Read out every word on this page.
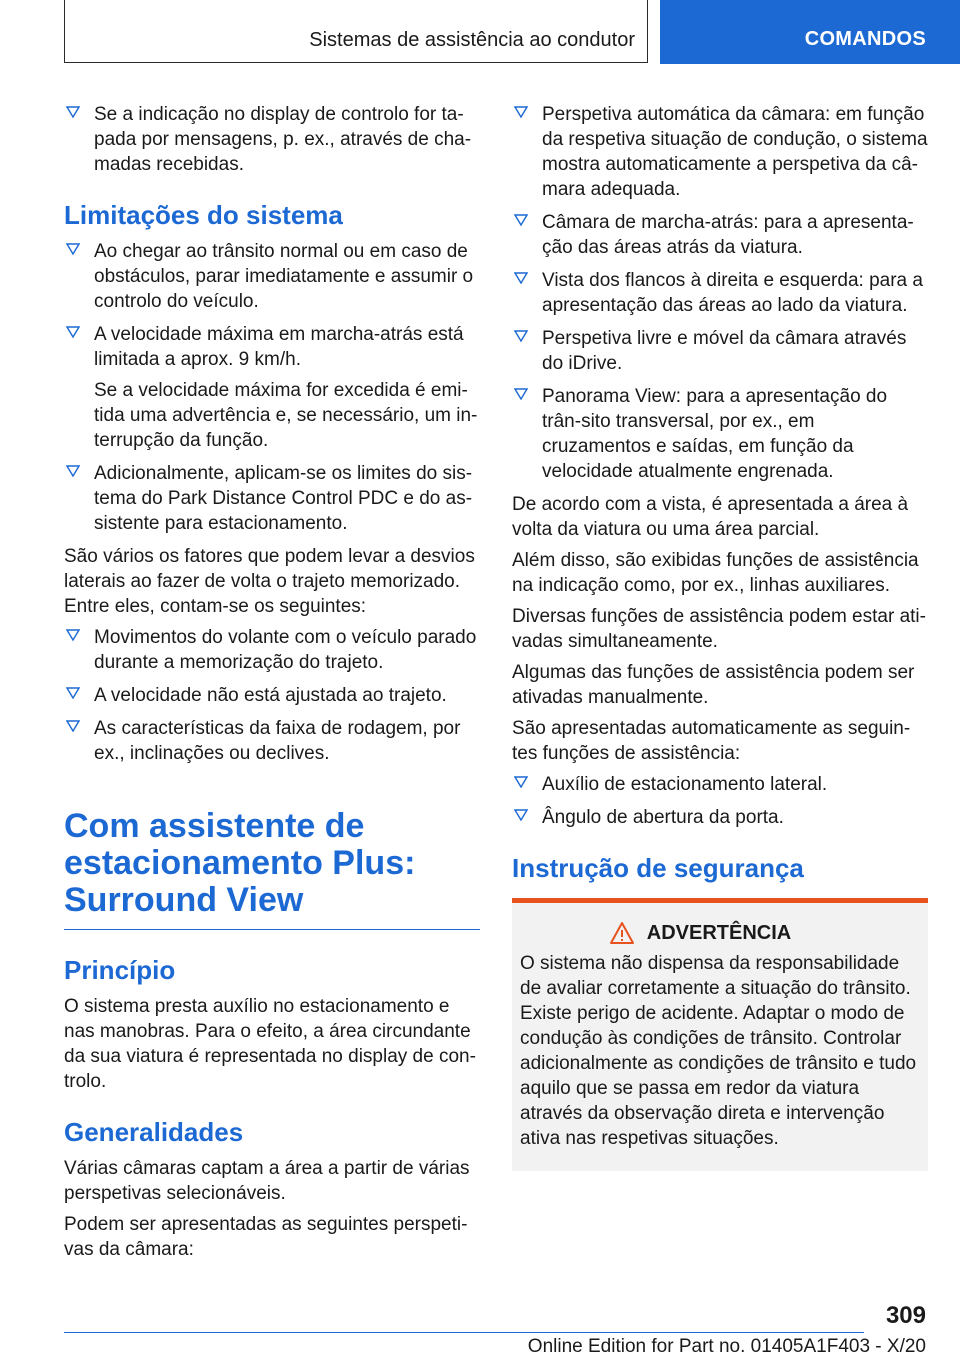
Sistemas de assistência ao condutor	COMANDOS
Se a indicação no display de controlo for ta-pada por mensagens, p. ex., através de cha-madas recebidas.
Limitações do sistema
Ao chegar ao trânsito normal ou em caso de obstáculos, parar imediatamente e assumir o controlo do veículo.
A velocidade máxima em marcha-atrás está limitada a aprox. 9 km/h.
Se a velocidade máxima for excedida é emi-tida uma advertência e, se necessário, um in-terrupção da função.
Adicionalmente, aplicam-se os limites do sis-tema do Park Distance Control PDC e do as-sistente para estacionamento.

São vários os fatores que podem levar a desvios laterais ao fazer de volta o trajeto memorizado. Entre eles, contam-se os seguintes:

Movimentos do volante com o veículo parado durante a memorização do trajeto.
A velocidade não está ajustada ao trajeto.
As características da faixa de rodagem, por ex., inclinações ou declives.
Com assistente de estacionamento Plus: Surround View
Princípio

O sistema presta auxílio no estacionamento e nas manobras. Para o efeito, a área circundante da sua viatura é representada no display de con-trolo.

Generalidades

Várias câmaras captam a área a partir de várias perspetivas selecionáveis.

Podem ser apresentadas as seguintes perspeti-vas da câmara:

Perspetiva automática da câmara: em função da respetiva situação de condução, o sistema mostra automaticamente a perspetiva da câ-mara adequada.
Câmara de marcha-atrás: para a apresenta-ção das áreas atrás da viatura.
Vista dos flancos à direita e esquerda: para a apresentação das áreas ao lado da viatura.
Perspetiva livre e móvel da câmara através do iDrive.
Panorama View: para a apresentação do trân-sito transversal, por ex., em cruzamentos e saídas, em função da velocidade atualmente engrenada.

De acordo com a vista, é apresentada a área à volta da viatura ou uma área parcial.

Além disso, são exibidas funções de assistência na indicação como, por ex., linhas auxiliares.

Diversas funções de assistência podem estar ati-vadas simultaneamente.

Algumas das funções de assistência podem ser ativadas manualmente.

São apresentadas automaticamente as seguin-tes funções de assistência:

Auxílio de estacionamento lateral.
Ângulo de abertura da porta.
Instrução de segurança
ADVERTÊNCIA

O sistema não dispensa da responsabilidade de avaliar corretamente a situação do trânsito. Existe perigo de acidente. Adaptar o modo de condução às condições de trânsito. Controlar adicionalmente as condições de trânsito e tudo aquilo que se passa em redor da viatura através da observação direta e intervenção ativa nas respetivas situações.

309
Online Edition for Part no. 01405A1F403 - X/20
